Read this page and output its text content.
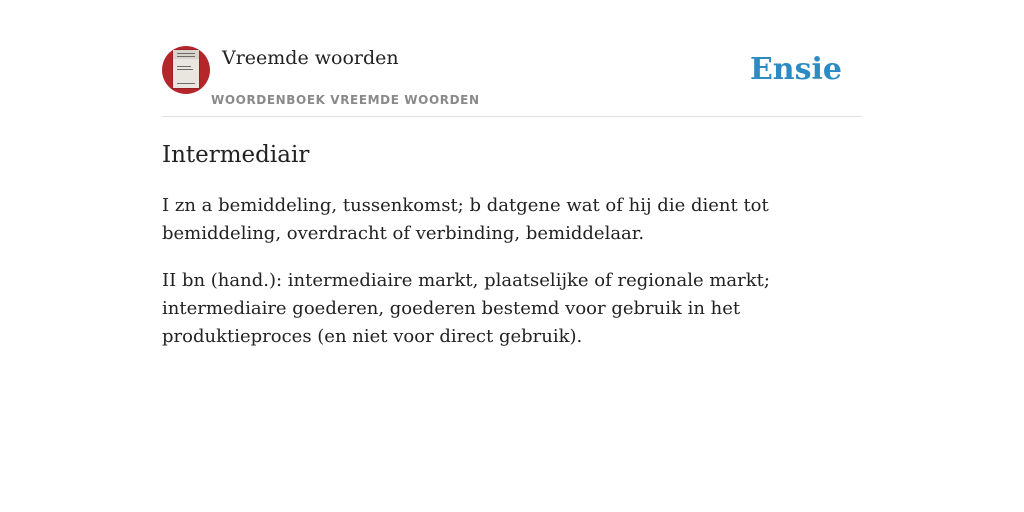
Vreemde woorden
WOORDENBOEK VREEMDE WOORDEN
Ensie
Intermediair

I zn a bemiddeling, tussenkomst; b datgene wat of hij die dient tot bemiddeling, overdracht of verbinding, bemiddelaar.

II bn (hand.): intermediaire markt, plaatselijke of regionale markt; intermediaire goederen, goederen bestemd voor gebruik in het produktieproces (en niet voor direct gebruik).
